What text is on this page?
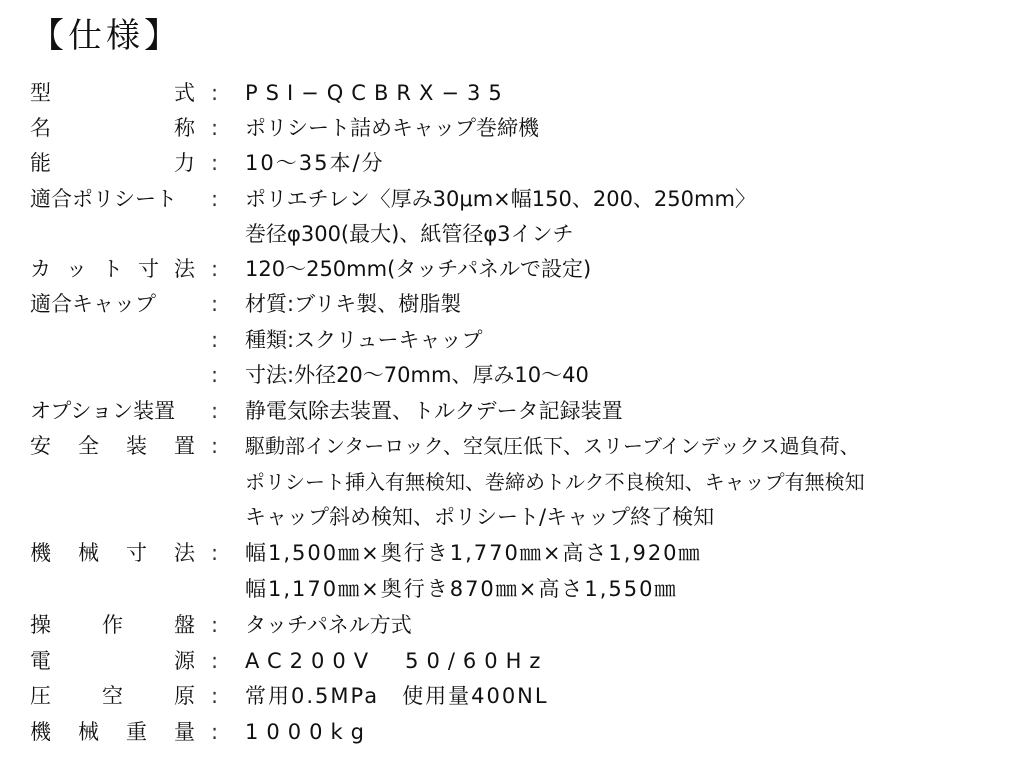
【仕様】
型	式 : PSI−QCBRX−35
名	称 : ポリシート詰めキャップ巻締機
能	力 : 10〜35本/分
適合ポリシート : ポリエチレン〈厚み30μm×幅150、200、250mm〉
巻径φ300(最大)、紙管径φ3インチ
カ ッ ト 寸 法 : 120〜250mm(タッチパネルで設定)
適合キャップ	: 材質:ブリキ製、樹脂製
: 種類:スクリューキャップ
: 寸法:外径20〜70mm、厚み10〜40
オプション装置 : 静電気除去装置、トルクデータ記録装置
安 全 装 置 : 駆動部インターロック、空気圧低下、スリーブインデックス過負荷、
ポリシート挿入有無検知、巻締めトルク不良検知、キャップ有無検知
キャップ斜め検知、ポリシート/キャップ終了検知
機 械 寸 法 : 幅1,500㎜×奥行き1,770㎜×高さ1,920㎜
幅1,170㎜×奥行き870㎜×高さ1,550㎜
操 作 盤 : タッチパネル方式
電	源 : AC200V　50/60Hz
圧 空 原 : 常用0.5MPa　使用量400NL
機 械 重 量 : 1000kg
